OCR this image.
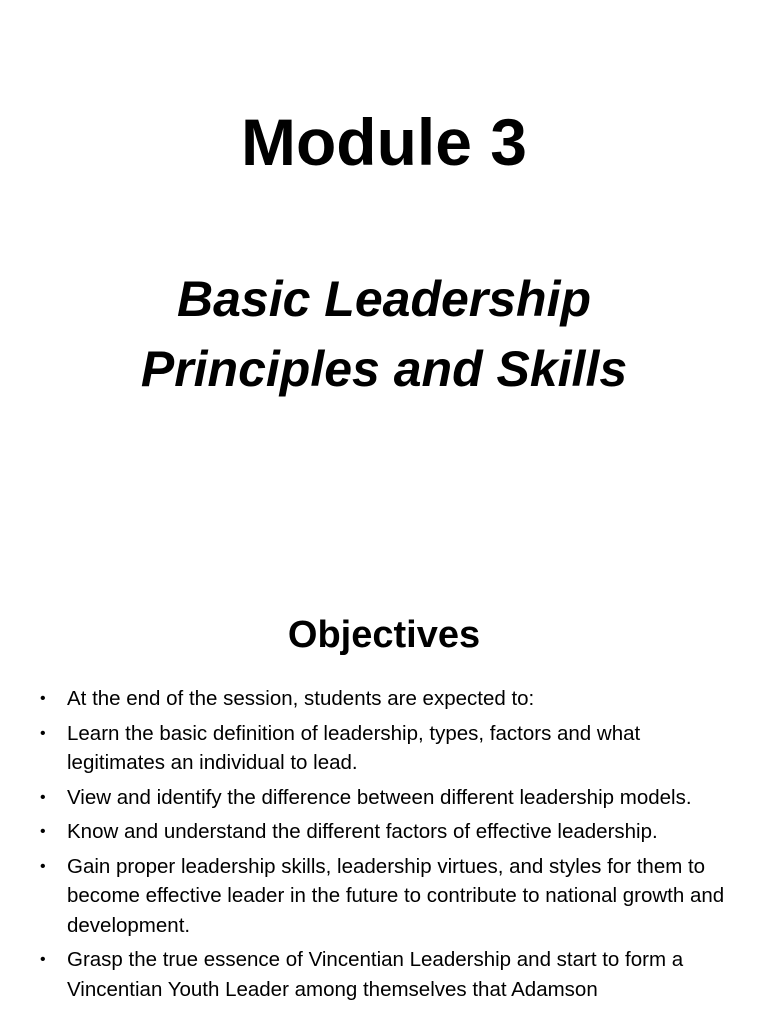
Module 3
Basic Leadership Principles and Skills
Objectives
•	At the end of the session, students are expected to:
•	Learn the basic definition of leadership, types, factors and what legitimates an individual to lead.
•	View and identify the difference between different leadership models.
•	Know and understand the different factors of effective leadership.
•	Gain proper leadership skills, leadership virtues, and styles for them to become effective leader in the future to contribute to national growth and development.
•	Grasp the true essence of Vincentian Leadership and start to form a Vincentian Youth Leader among themselves that Adamson
